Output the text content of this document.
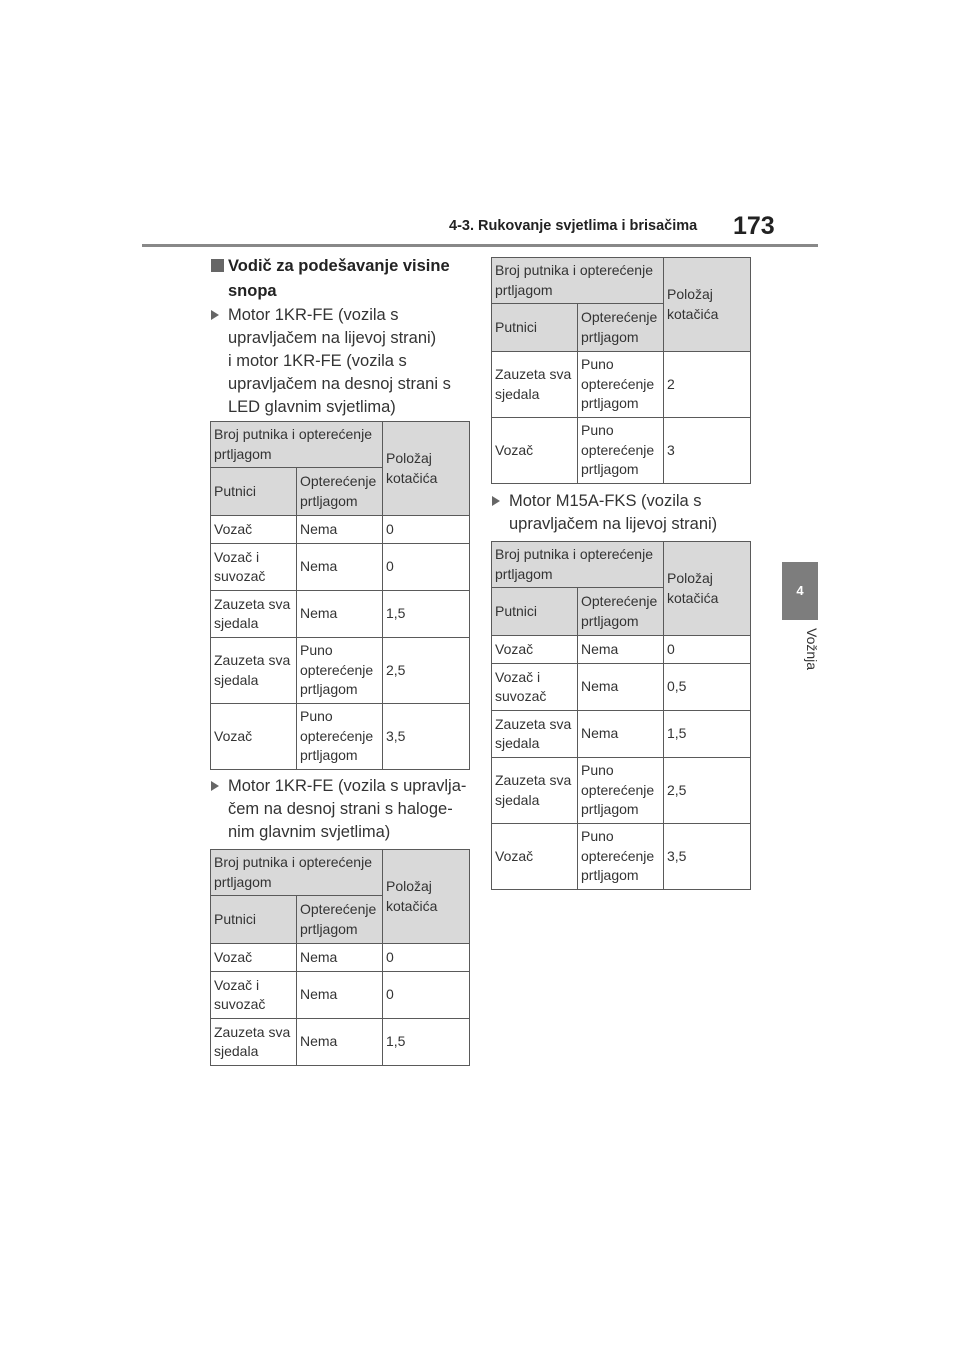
4-3. Rukovanje svjetlima i brisačima 173
4
Vožnja
Vodič za podešavanje visine snopa
Motor 1KR-FE (vozila s
upravljačem na lijevoj strani)
i motor 1KR-FE (vozila s
upravljačem na desnoj strani s
LED glavnim svjetlima)
Broj putnika i opterećenje prtljagom		Položaj kotačića
Putnici	Opterećenje prtljagom	
Vozač	Nema	0
Vozač i
suvozač	Nema	0
Zauzeta sva
sjedala	Nema	1,5
Zauzeta sva
sjedala	Puno
opterećenje
prtljagom	2,5
Vozač	Puno
opterećenje
prtljagom	3,5
Motor 1KR-FE (vozila s upravlja-
čem na desnoj strani s haloge-
nim glavnim svjetlima)
Broj putnika i opterećenje prtljagom		Položaj kotačića
Putnici	Opterećenje prtljagom	
Vozač	Nema	0
Vozač i
suvozač	Nema	0
Zauzeta sva
sjedala	Nema	1,5
Broj putnika i opterećenje prtljagom		Položaj kotačića
Putnici	Opterećenje prtljagom	
Zauzeta sva
sjedala	Puno
opterećenje
prtljagom	2
Vozač	Puno
opterećenje
prtljagom	3
Motor M15A-FKS (vozila s
upravljačem na lijevoj strani)
Broj putnika i opterećenje prtljagom		Položaj kotačića
Putnici	Opterećenje prtljagom	
Vozač	Nema	0
Vozač i
suvozač	Nema	0,5
Zauzeta sva
sjedala	Nema	1,5
Zauzeta sva
sjedala	Puno
opterećenje
prtljagom	2,5
Vozač	Puno
opterećenje
prtljagom	3,5
